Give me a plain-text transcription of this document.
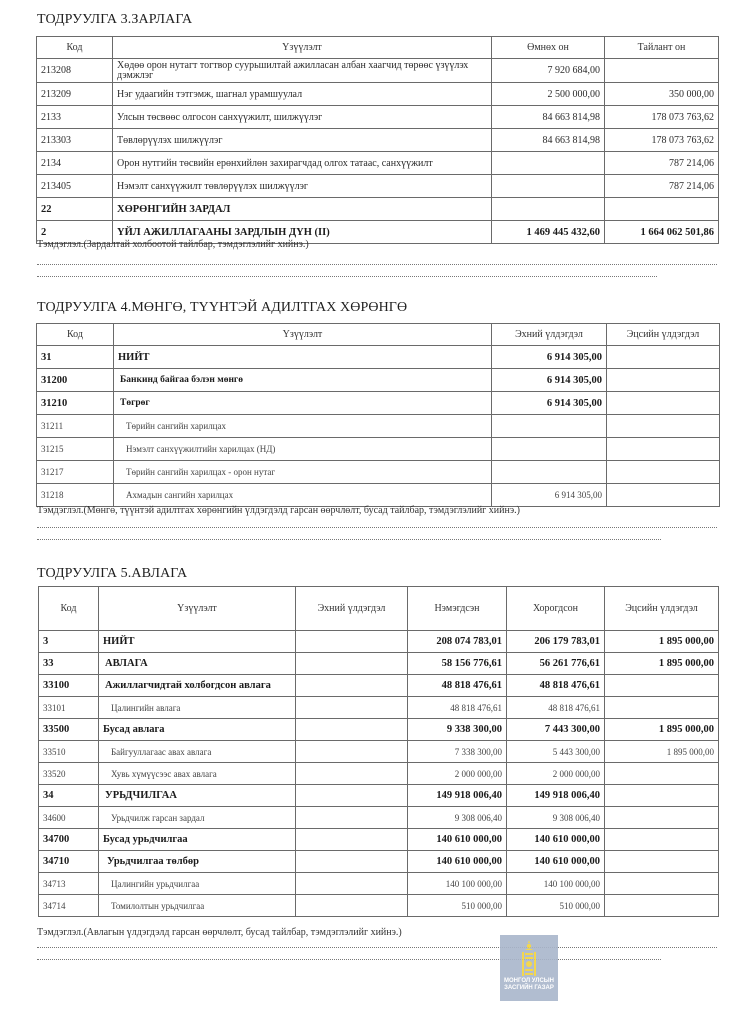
ТОДРУУЛГА 3.ЗАРЛАГА
Код	Үзүүлэлт	Өмнөх он	Тайлант он
213208	Хөдөө орон нутагт тогтвор суурьшилтай ажилласан албан хаагчид төрөөс үзүүлэх дэмжлэг	7 920 684,00	
213209	Нэг удаагийн тэтгэмж, шагнал урамшуулал	2 500 000,00	350 000,00
2133	Улсын төсвөөс олгосон санхүүжилт, шилжүүлэг	84 663 814,98	178 073 763,62
213303	Төвлөрүүлэх шилжүүлэг	84 663 814,98	178 073 763,62
2134	Орон нутгийн төсвийн ерөнхийлөн захирагчдад олгох татаас, санхүүжилт		787 214,06
213405	Нэмэлт санхүүжилт төвлөрүүлэх шилжүүлэг		787 214,06
22	ХӨРӨНГИЙН ЗАРДАЛ		
2	ҮЙЛ АЖИЛЛАГААНЫ ЗАРДЛЫН ДҮН (II)	1 469 445 432,60	1 664 062 501,86
Тэмдэглэл.(Зардалтай холбоотой тайлбар, тэмдэглэлийг хийнэ.)
ТОДРУУЛГА 4.МӨНГӨ, ТҮҮНТЭЙ АДИЛТГАХ ХӨРӨНГӨ
Код	Үзүүлэлт	Эхний үлдэгдэл	Эцсийн үлдэгдэл
31	НИЙТ	6 914 305,00	
31200	Банкинд байгаа бэлэн мөнгө	6 914 305,00	
31210	Төгрөг	6 914 305,00	
31211	Төрийн сангийн харилцах		
31215	Нэмэлт санхүүжилтийн харилцах (НД)		
31217	Төрийн сангийн харилцах - орон нутаг		
31218	Ахмадын сангийн харилцах	6 914 305,00	
Тэмдэглэл.(Мөнгө, түүнтэй адилтгах хөрөнгийн үлдэгдэлд гарсан өөрчлөлт, бусад тайлбар, тэмдэглэлийг хийнэ.)
ТОДРУУЛГА 5.АВЛАГА
Код	Үзүүлэлт	Эхний үлдэгдэл	Нэмэгдсэн	Хорогдсон	Эцсийн үлдэгдэл
3	НИЙТ		208 074 783,01	206 179 783,01	1 895 000,00
33	АВЛАГА		58 156 776,61	56 261 776,61	1 895 000,00
33100	Ажиллагчидтай холбогдсон авлага		48 818 476,61	48 818 476,61	
33101	Цалингийн авлага		48 818 476,61	48 818 476,61	
33500	Бусад авлага		9 338 300,00	7 443 300,00	1 895 000,00
33510	Байгууллагаас авах авлага		7 338 300,00	5 443 300,00	1 895 000,00
33520	Хувь хүмүүсээс авах авлага		2 000 000,00	2 000 000,00	
34	УРЬДЧИЛГАА		149 918 006,40	149 918 006,40	
34600	Урьдчилж гарсан зардал		9 308 006,40	9 308 006,40	
34700	Бусад урьдчилгаа		140 610 000,00	140 610 000,00	
34710	Урьдчилгаа төлбөр		140 610 000,00	140 610 000,00	
34713	Цалингийн урьдчилгаа		140 100 000,00	140 100 000,00	
34714	Томилолтын урьдчилгаа		510 000,00	510 000,00	
Тэмдэглэл.(Авлагын үлдэгдэлд гарсан өөрчлөлт, бусад тайлбар, тэмдэглэлийг хийнэ.)
МОНГОЛ УЛСЫН
ЗАСГИЙН ГАЗАР
